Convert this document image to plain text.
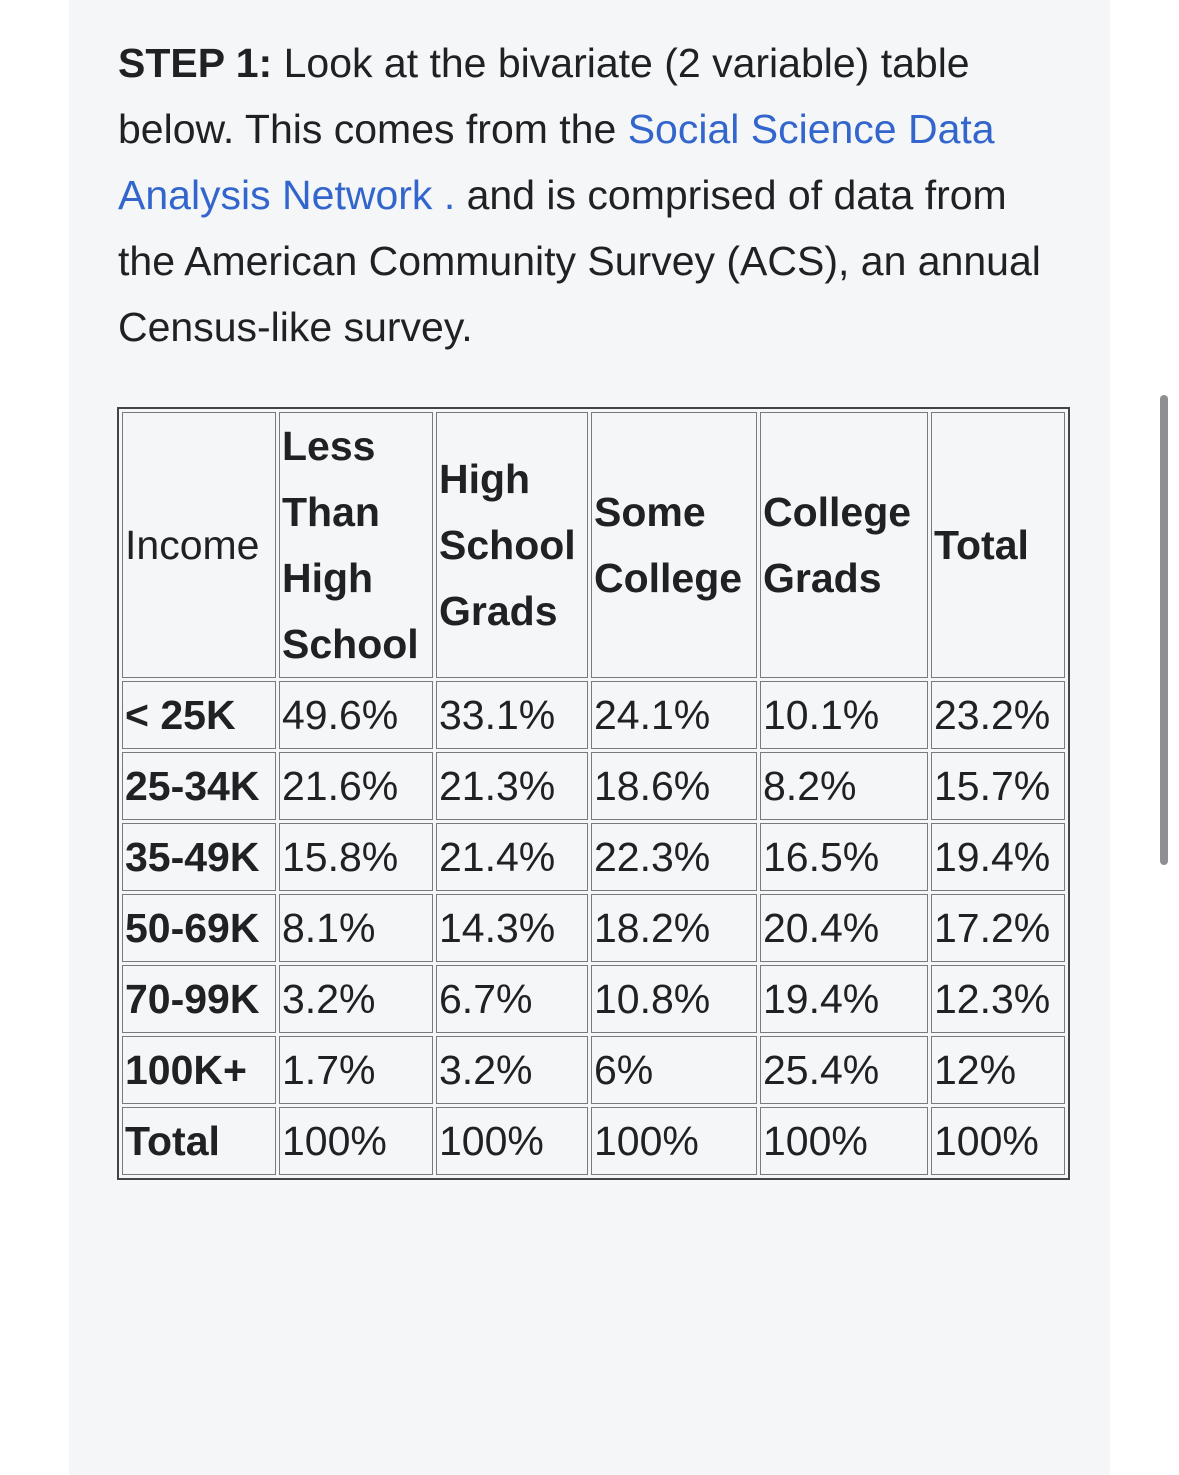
STEP 1: Look at the bivariate (2 variable) table below. This comes from the Social Science Data Analysis Network . and is comprised of data from the American Community Survey (ACS), an annual Census-like survey.

Income	Less Than High School	High School Grads	Some College	College Grads	Total
< 25K	49.6%	33.1%	24.1%	10.1%	23.2%
25-34K	21.6%	21.3%	18.6%	8.2%	15.7%
35-49K	15.8%	21.4%	22.3%	16.5%	19.4%
50-69K	8.1%	14.3%	18.2%	20.4%	17.2%
70-99K	3.2%	6.7%	10.8%	19.4%	12.3%
100K+	1.7%	3.2%	6%	25.4%	12%
Total	100%	100%	100%	100%	100%
